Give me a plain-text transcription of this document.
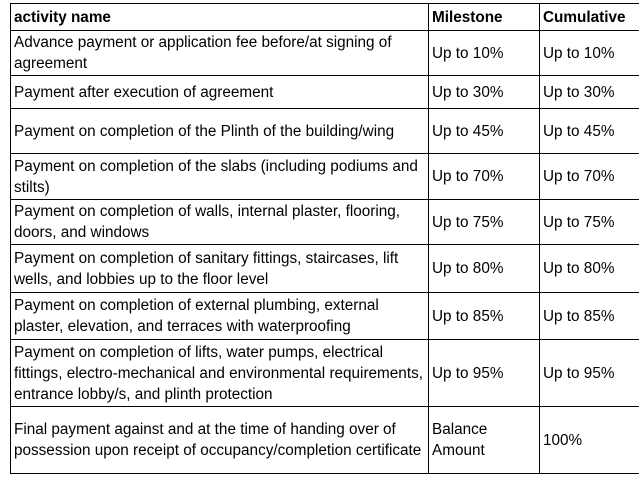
activity name	Milestone	Cumulative
Advance payment or application fee before/at signing of agreement	Up to 10%	Up to 10%
Payment after execution of agreement	Up to 30%	Up to 30%
Payment on completion of the Plinth of the building/wing	Up to 45%	Up to 45%
Payment on completion of the slabs (including podiums and stilts)	Up to 70%	Up to 70%
Payment on completion of walls, internal plaster, flooring, doors, and windows	Up to 75%	Up to 75%
Payment on completion of sanitary fittings, staircases, lift wells, and lobbies up to the floor level	Up to 80%	Up to 80%
Payment on completion of external plumbing, external plaster, elevation, and terraces with waterproofing	Up to 85%	Up to 85%
Payment on completion of lifts, water pumps, electrical fittings, electro-mechanical and environmental requirements, entrance lobby/s, and plinth protection	Up to 95%	Up to 95%
Final payment against and at the time of handing over of possession upon receipt of occupancy/completion certificate	Balance Amount	100%
